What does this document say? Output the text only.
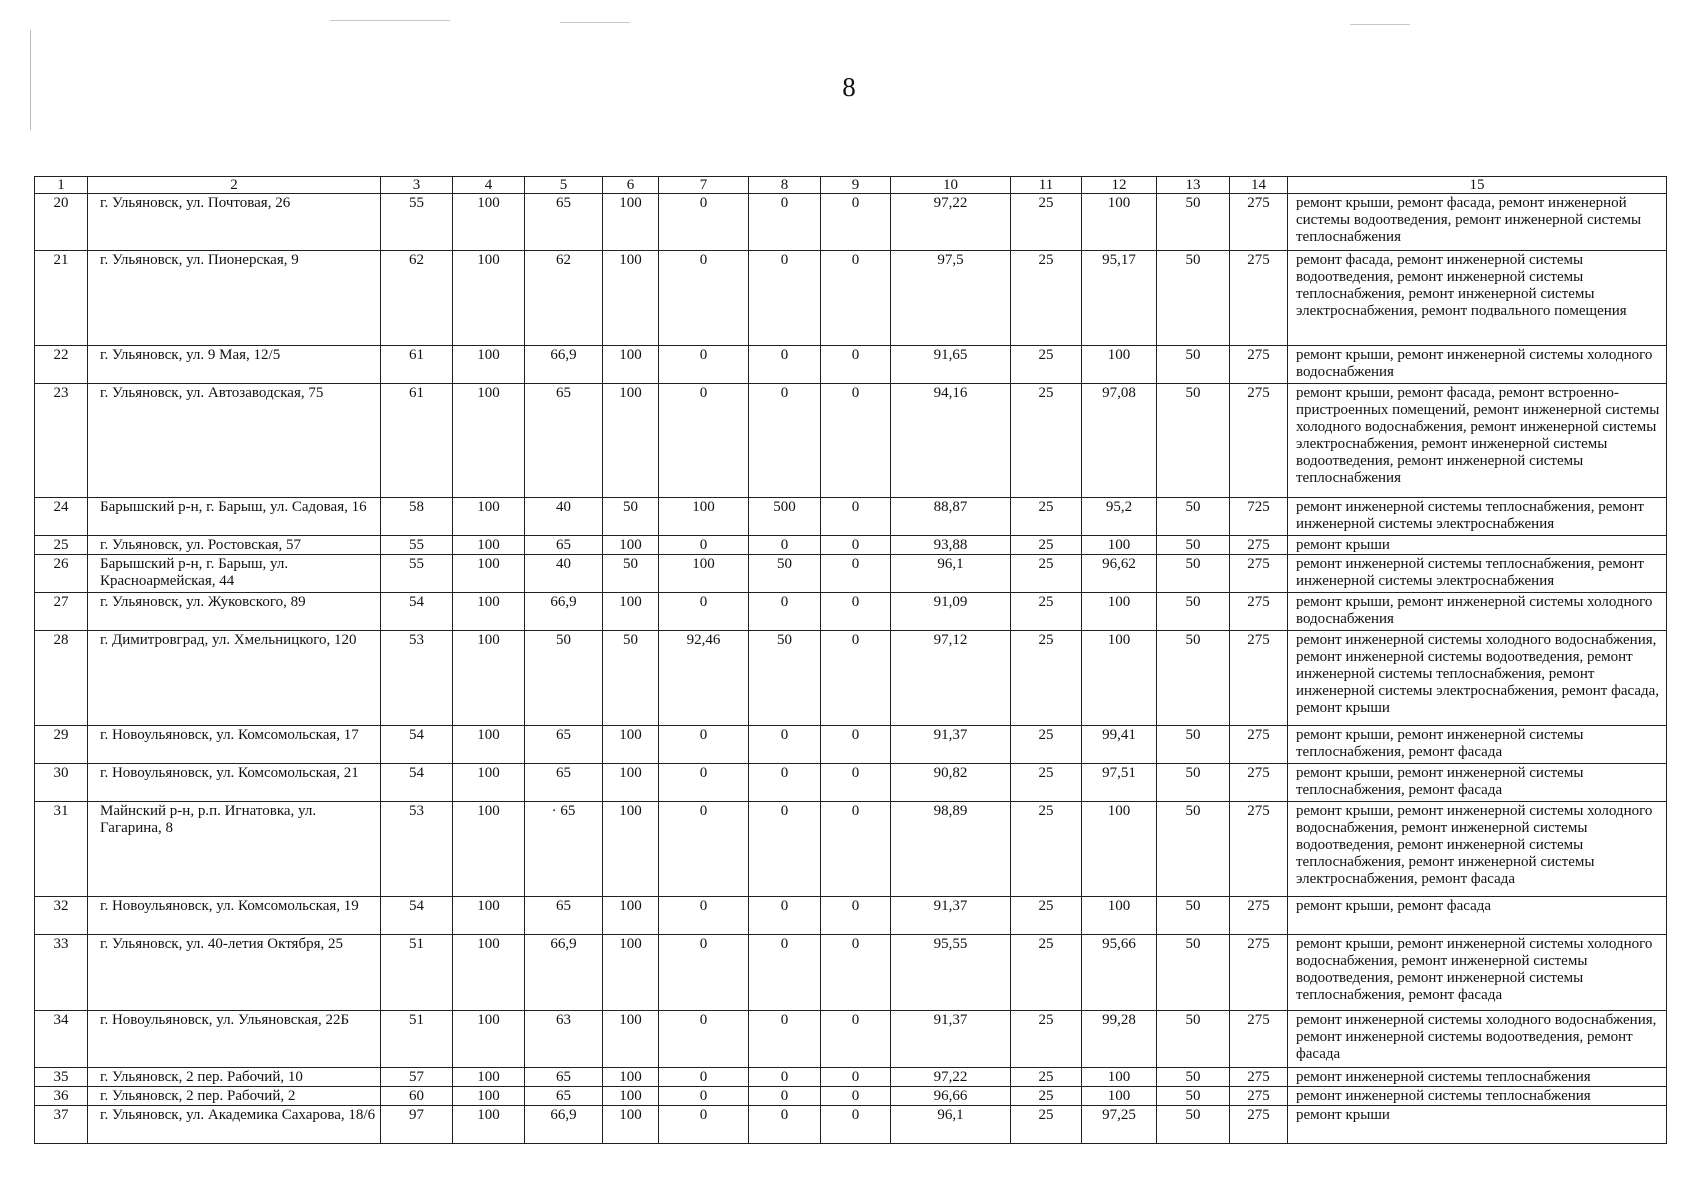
8
1	2	3	4	5	6	7	8	9	10	11	12	13	14	15
20	г. Ульяновск, ул. Почтовая, 26	55	100	65	100	0	0	0	97,22	25	100	50	275	ремонт крыши, ремонт фасада, ремонт инженерной системы водоотведения, ремонт инженерной системы теплоснабжения
21	г. Ульяновск, ул. Пионерская, 9	62	100	62	100	0	0	0	97,5	25	95,17	50	275	ремонт фасада, ремонт инженерной системы водоотведения, ремонт инженерной системы теплоснабжения, ремонт инженерной системы электроснабжения, ремонт подвального помещения
22	г. Ульяновск, ул. 9 Мая, 12/5	61	100	66,9	100	0	0	0	91,65	25	100	50	275	ремонт крыши, ремонт инженерной системы холодного водоснабжения
23	г. Ульяновск, ул. Автозаводская, 75	61	100	65	100	0	0	0	94,16	25	97,08	50	275	ремонт крыши, ремонт фасада, ремонт встроенно-пристроенных помещений, ремонт инженерной системы холодного водоснабжения, ремонт инженерной системы электроснабжения, ремонт инженерной системы водоотведения, ремонт инженерной системы теплоснабжения
24	Барышский р-н, г. Барыш, ул. Садовая, 16	58	100	40	50	100	500	0	88,87	25	95,2	50	725	ремонт инженерной системы теплоснабжения, ремонт инженерной системы электроснабжения
25	г. Ульяновск, ул. Ростовская, 57	55	100	65	100	0	0	0	93,88	25	100	50	275	ремонт крыши
26	Барышский р-н, г. Барыш, ул. Красноармейская, 44	55	100	40	50	100	50	0	96,1	25	96,62	50	275	ремонт инженерной системы теплоснабжения, ремонт инженерной системы электроснабжения
27	г. Ульяновск, ул. Жуковского, 89	54	100	66,9	100	0	0	0	91,09	25	100	50	275	ремонт крыши, ремонт инженерной системы холодного водоснабжения
28	г. Димитровград, ул. Хмельницкого, 120	53	100	50	50	92,46	50	0	97,12	25	100	50	275	ремонт инженерной системы холодного водоснабжения, ремонт инженерной системы водоотведения, ремонт инженерной системы теплоснабжения, ремонт инженерной системы электроснабжения, ремонт фасада, ремонт крыши
29	г. Новоульяновск, ул. Комсомольская, 17	54	100	65	100	0	0	0	91,37	25	99,41	50	275	ремонт крыши, ремонт инженерной системы теплоснабжения, ремонт фасада
30	г. Новоульяновск, ул. Комсомольская, 21	54	100	65	100	0	0	0	90,82	25	97,51	50	275	ремонт крыши, ремонт инженерной системы теплоснабжения, ремонт фасада
31	Майнский р-н, р.п. Игнатовка, ул. Гагарина, 8	53	100	· 65	100	0	0	0	98,89	25	100	50	275	ремонт крыши, ремонт инженерной системы холодного водоснабжения, ремонт инженерной системы водоотведения, ремонт инженерной системы теплоснабжения, ремонт инженерной системы электроснабжения, ремонт фасада
32	г. Новоульяновск, ул. Комсомольская, 19	54	100	65	100	0	0	0	91,37	25	100	50	275	ремонт крыши, ремонт фасада
33	г. Ульяновск, ул. 40-летия Октября, 25	51	100	66,9	100	0	0	0	95,55	25	95,66	50	275	ремонт крыши, ремонт инженерной системы холодного водоснабжения, ремонт инженерной системы водоотведения, ремонт инженерной системы теплоснабжения, ремонт фасада
34	г. Новоульяновск, ул. Ульяновская, 22Б	51	100	63	100	0	0	0	91,37	25	99,28	50	275	ремонт инженерной системы холодного водоснабжения, ремонт инженерной системы водоотведения, ремонт фасада
35	г. Ульяновск, 2 пер. Рабочий, 10	57	100	65	100	0	0	0	97,22	25	100	50	275	ремонт инженерной системы теплоснабжения
36	г. Ульяновск, 2 пер. Рабочий, 2	60	100	65	100	0	0	0	96,66	25	100	50	275	ремонт инженерной системы теплоснабжения
37	г. Ульяновск, ул. Академика Сахарова, 18/6	97	100	66,9	100	0	0	0	96,1	25	97,25	50	275	ремонт крыши
